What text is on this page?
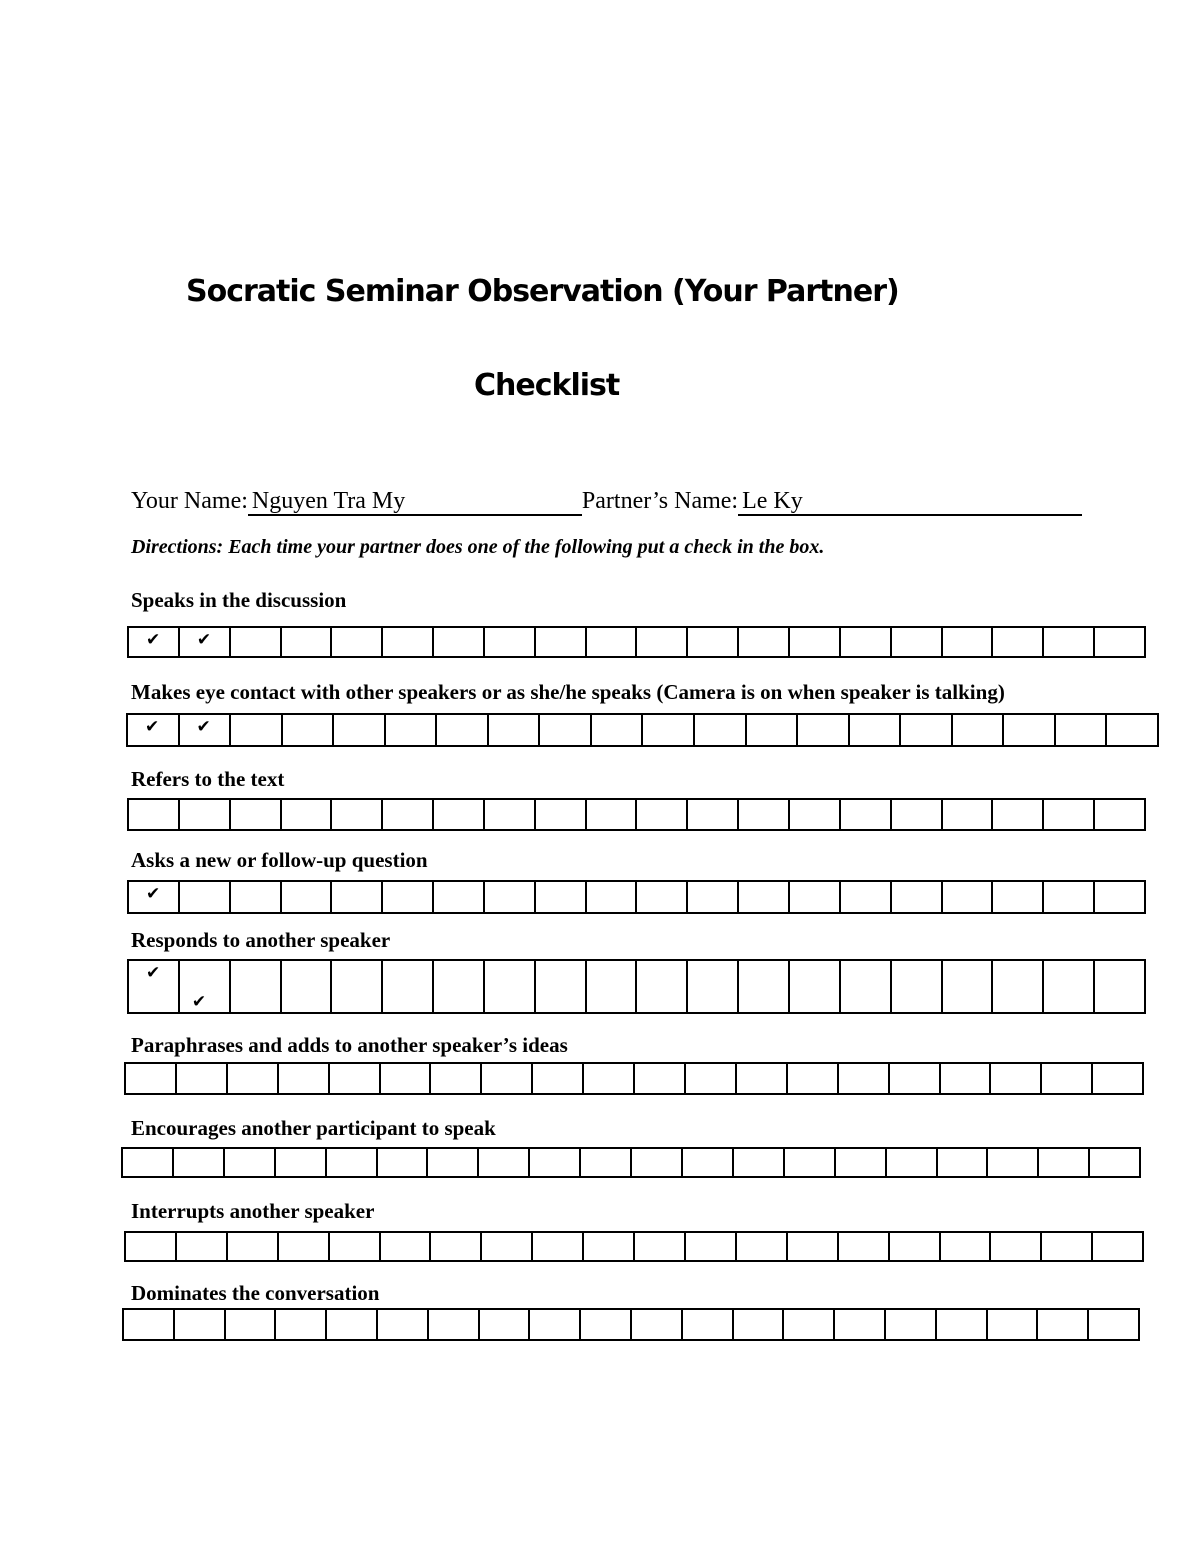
Socratic Seminar Observation (Your Partner)
Checklist
Your Name: Nguyen Tra My	Partner’s Name: Le Ky
Directions: Each time your partner does one of the following put a check in the box.
Speaks in the discussion
✔ ✔
Makes eye contact with other speakers or as she/he speaks (Camera is on when speaker is talking)
✔ ✔
Refers to the text
Asks a new or follow-up question
✔
Responds to another speaker
✔
✔
Paraphrases and adds to another speaker’s ideas
Encourages another participant to speak
Interrupts another speaker
Dominates the conversation
